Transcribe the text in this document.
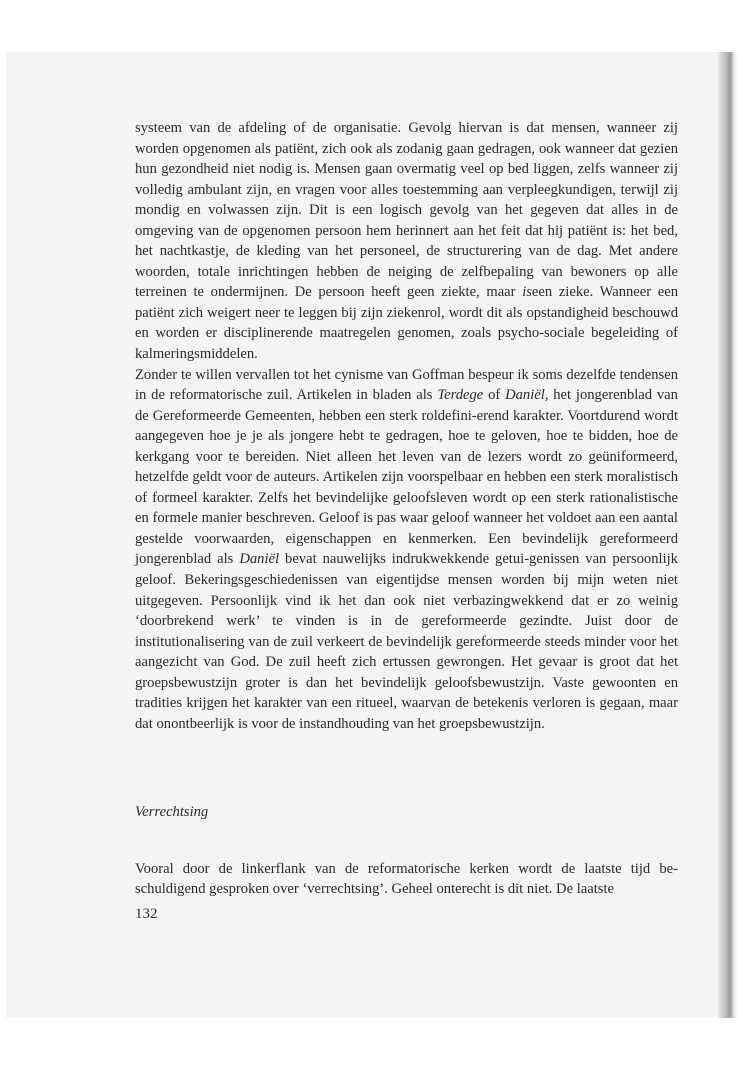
systeem van de afdeling of de organisatie. Gevolg hiervan is dat mensen, wanneer zij worden opgenomen als patiënt, zich ook als zodanig gaan gedragen, ook wanneer dat gezien hun gezondheid niet nodig is. Mensen gaan overmatig veel op bed liggen, zelfs wanneer zij volledig ambulant zijn, en vragen voor alles toestemming aan verpleegkundigen, terwijl zij mondig en volwassen zijn. Dit is een logisch gevolg van het gegeven dat alles in de omgeving van de opgenomen persoon hem herinnert aan het feit dat hij patiënt is: het bed, het nachtkastje, de kleding van het personeel, de structurering van de dag. Met andere woorden, totale inrichtingen hebben de neiging de zelfbepaling van bewoners op alle terreinen te ondermijnen. De persoon heeft geen ziekte, maar iseen zieke. Wanneer een patiënt zich weigert neer te leggen bij zijn ziekenrol, wordt dit als opstandigheid beschouwd en worden er disciplinerende maatregelen genomen, zoals psycho-sociale begeleiding of kalmeringsmiddelen.

Zonder te willen vervallen tot het cynisme van Goffman bespeur ik soms dezelfde tendensen in de reformatorische zuil. Artikelen in bladen als Terdege of Daniël, het jongerenblad van de Gereformeerde Gemeenten, hebben een sterk roldefini-erend karakter. Voortdurend wordt aangegeven hoe je je als jongere hebt te gedragen, hoe te geloven, hoe te bidden, hoe de kerkgang voor te bereiden. Niet alleen het leven van de lezers wordt zo geüniformeerd, hetzelfde geldt voor de auteurs. Artikelen zijn voorspelbaar en hebben een sterk moralistisch of formeel karakter. Zelfs het bevindelijke geloofsleven wordt op een sterk rationalistische en formele manier beschreven. Geloof is pas waar geloof wanneer het voldoet aan een aantal gestelde voorwaarden, eigenschappen en kenmerken. Een bevindelijk gereformeerd jongerenblad als Daniël bevat nauwelijks indrukwekkende getui-genissen van persoonlijk geloof. Bekeringsgeschiedenissen van eigentijdse mensen worden bij mijn weten niet uitgegeven. Persoonlijk vind ik het dan ook niet verbazingwekkend dat er zo weinig ‘doorbrekend werk’ te vinden is in de gereformeerde gezindte. Juist door de institutionalisering van de zuil verkeert de bevindelijk gereformeerde steeds minder voor het aangezicht van God. De zuil heeft zich ertussen gewrongen. Het gevaar is groot dat het groepsbewustzijn groter is dan het bevindelijk geloofsbewustzijn. Vaste gewoonten en tradities krijgen het karakter van een ritueel, waarvan de betekenis verloren is gegaan, maar dat onontbeerlijk is voor de instandhouding van het groepsbewustzijn.

Verrechtsing

Vooral door de linkerflank van de reformatorische kerken wordt de laatste tijd be-schuldigend gesproken over ‘verrechtsing’. Geheel onterecht is dit niet. De laatste

132
